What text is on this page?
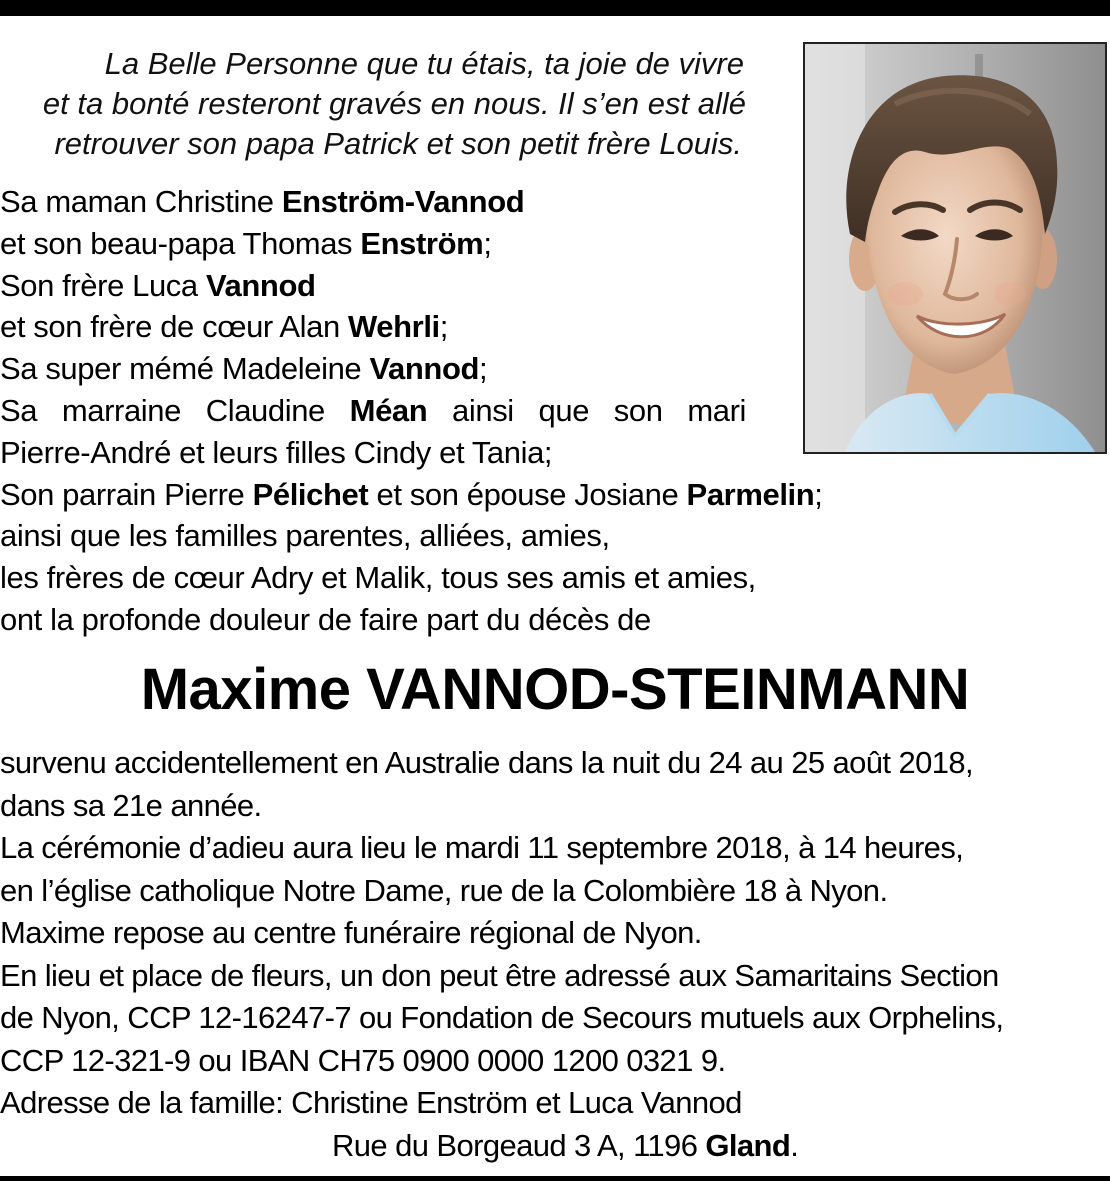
La Belle Personne que tu étais, ta joie de vivre
et ta bonté resteront gravés en nous. Il s’en est allé
retrouver son papa Patrick et son petit frère Louis.
Sa maman Christine Enström-Vannod
et son beau-papa Thomas Enström;
Son frère Luca Vannod
et son frère de cœur Alan Wehrli;
Sa super mémé Madeleine Vannod;
Sa marraine Claudine Méan ainsi que son mari
Pierre-André et leurs filles Cindy et Tania;
Son parrain Pierre Pélichet et son épouse Josiane Parmelin;
ainsi que les familles parentes, alliées, amies,
les frères de cœur Adry et Malik, tous ses amis et amies,
ont la profonde douleur de faire part du décès de
Maxime VANNOD-STEINMANN
survenu accidentellement en Australie dans la nuit du 24 au 25 août 2018,
dans sa 21e année.
La cérémonie d’adieu aura lieu le mardi 11 septembre 2018, à 14 heures,
en l’église catholique Notre Dame, rue de la Colombière 18 à Nyon.
Maxime repose au centre funéraire régional de Nyon.
En lieu et place de fleurs, un don peut être adressé aux Samaritains Section
de Nyon, CCP 12-16247-7 ou Fondation de Secours mutuels aux Orphelins,
CCP 12-321-9 ou IBAN CH75 0900 0000 1200 0321 9.
Adresse de la famille: Christine Enström et Luca Vannod
Rue du Borgeaud 3 A, 1196 Gland.
